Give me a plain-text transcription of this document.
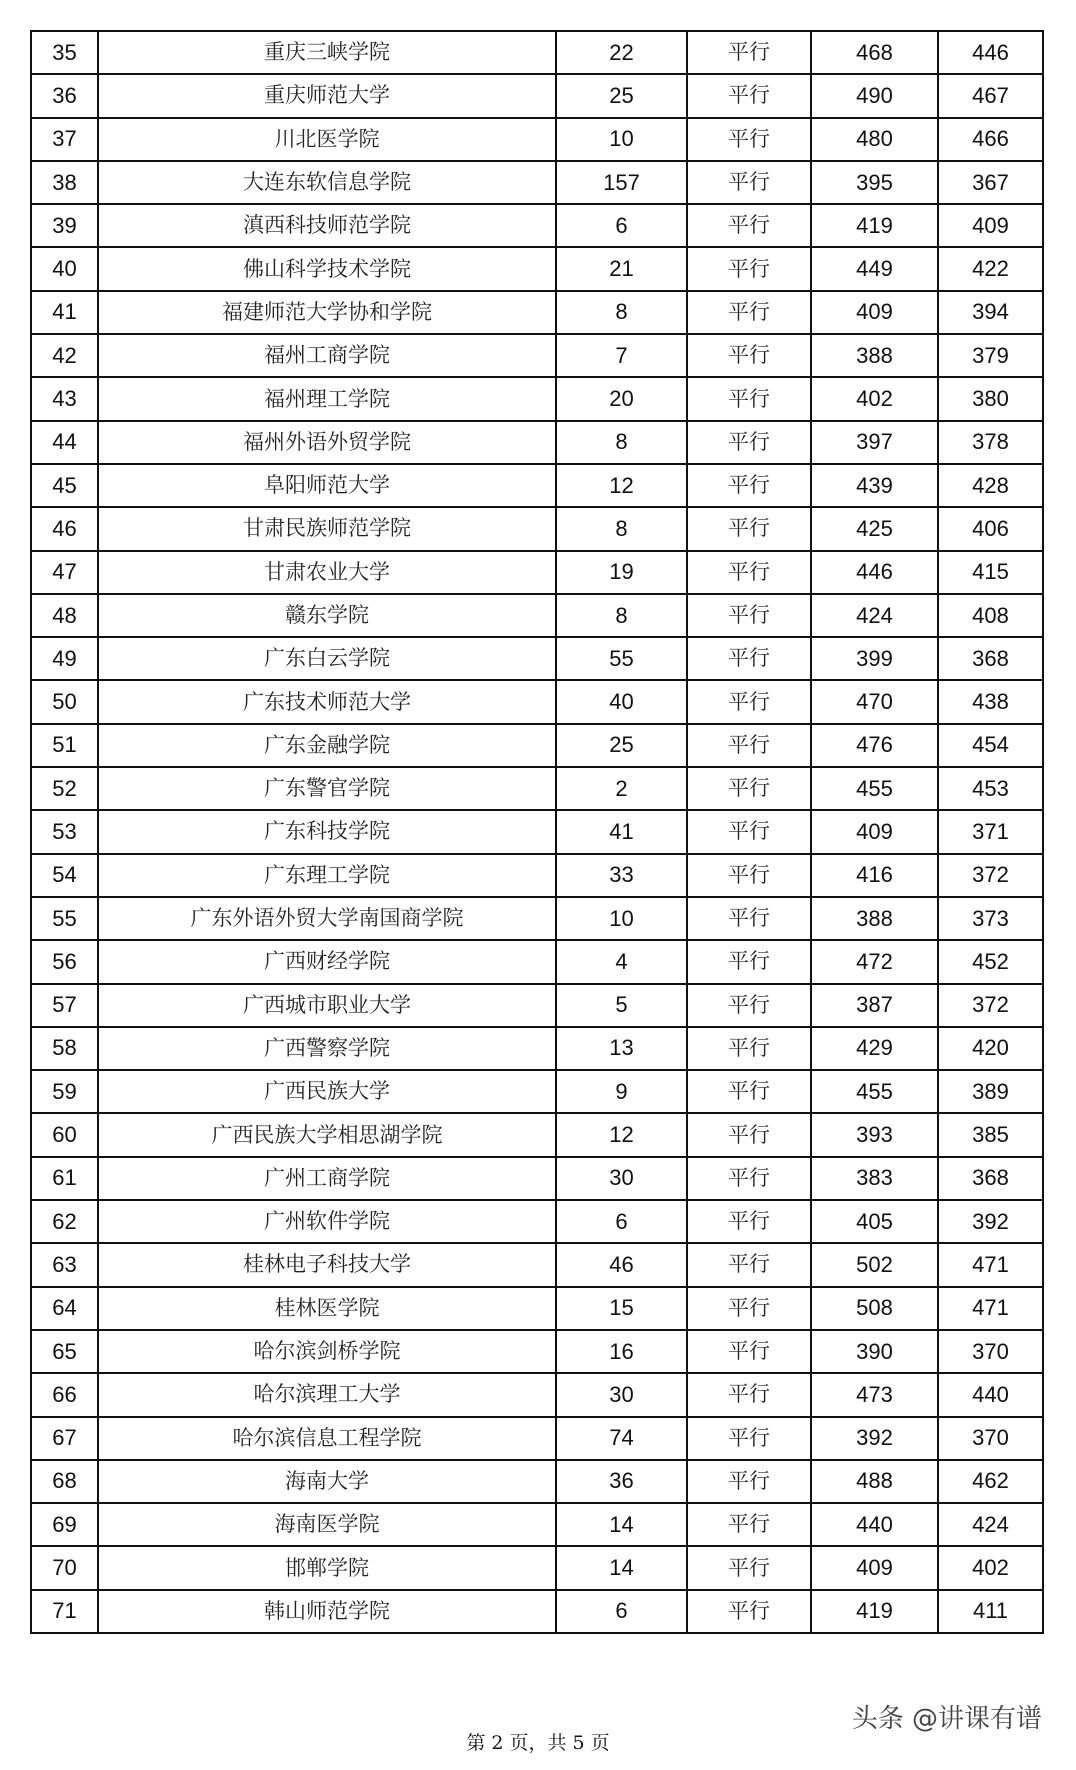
35	重庆三峡学院	22	平行	468	446
36	重庆师范大学	25	平行	490	467
37	川北医学院	10	平行	480	466
38	大连东软信息学院	157	平行	395	367
39	滇西科技师范学院	6	平行	419	409
40	佛山科学技术学院	21	平行	449	422
41	福建师范大学协和学院	8	平行	409	394
42	福州工商学院	7	平行	388	379
43	福州理工学院	20	平行	402	380
44	福州外语外贸学院	8	平行	397	378
45	阜阳师范大学	12	平行	439	428
46	甘肃民族师范学院	8	平行	425	406
47	甘肃农业大学	19	平行	446	415
48	赣东学院	8	平行	424	408
49	广东白云学院	55	平行	399	368
50	广东技术师范大学	40	平行	470	438
51	广东金融学院	25	平行	476	454
52	广东警官学院	2	平行	455	453
53	广东科技学院	41	平行	409	371
54	广东理工学院	33	平行	416	372
55	广东外语外贸大学南国商学院	10	平行	388	373
56	广西财经学院	4	平行	472	452
57	广西城市职业大学	5	平行	387	372
58	广西警察学院	13	平行	429	420
59	广西民族大学	9	平行	455	389
60	广西民族大学相思湖学院	12	平行	393	385
61	广州工商学院	30	平行	383	368
62	广州软件学院	6	平行	405	392
63	桂林电子科技大学	46	平行	502	471
64	桂林医学院	15	平行	508	471
65	哈尔滨剑桥学院	16	平行	390	370
66	哈尔滨理工大学	30	平行	473	440
67	哈尔滨信息工程学院	74	平行	392	370
68	海南大学	36	平行	488	462
69	海南医学院	14	平行	440	424
70	邯郸学院	14	平行	409	402
71	韩山师范学院	6	平行	419	411
第 2 页，共 5 页
头条 @讲课有谱
